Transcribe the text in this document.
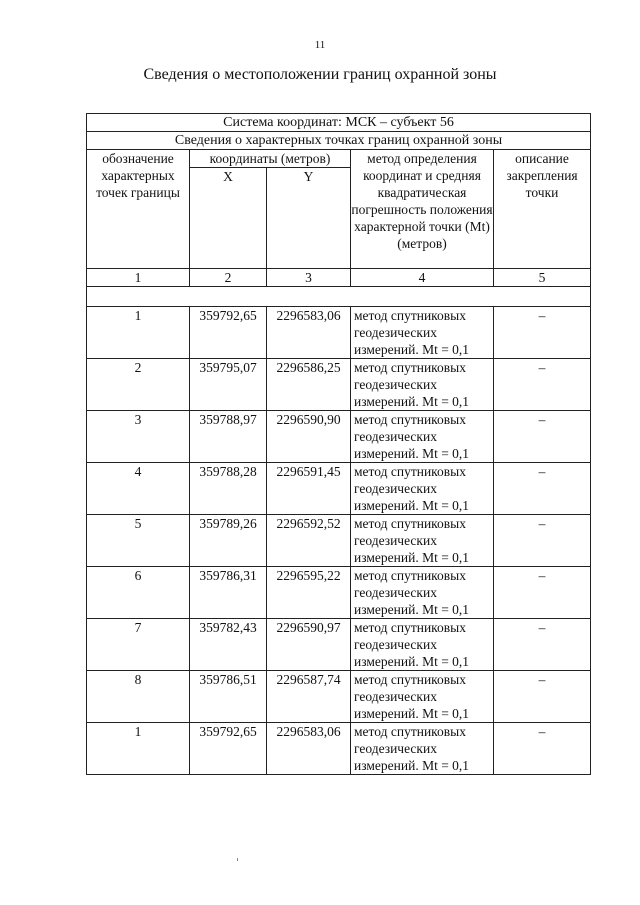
11
Сведения о местоположении границ охранной зоны
Система координат: МСК – субъект 56				
Сведения о характерных точках границ охранной зоны				
обозначение характерных точек границы	координаты (метров)		метод определения координат и средняя квадратическая погрешность положения характерной точки (Mt) (метров)	описание закрепления точки
	X	Y		
1	2	3	4	5

1	359792,65	2296583,06	метод спутниковых геодезических измерений. Mt = 0,1	–
2	359795,07	2296586,25	метод спутниковых геодезических измерений. Mt = 0,1	–
3	359788,97	2296590,90	метод спутниковых геодезических измерений. Mt = 0,1	–
4	359788,28	2296591,45	метод спутниковых геодезических измерений. Mt = 0,1	–
5	359789,26	2296592,52	метод спутниковых геодезических измерений. Mt = 0,1	–
6	359786,31	2296595,22	метод спутниковых геодезических измерений. Mt = 0,1	–
7	359782,43	2296590,97	метод спутниковых геодезических измерений. Mt = 0,1	–
8	359786,51	2296587,74	метод спутниковых геодезических измерений. Mt = 0,1	–
1	359792,65	2296583,06	метод спутниковых геодезических измерений. Mt = 0,1	–
